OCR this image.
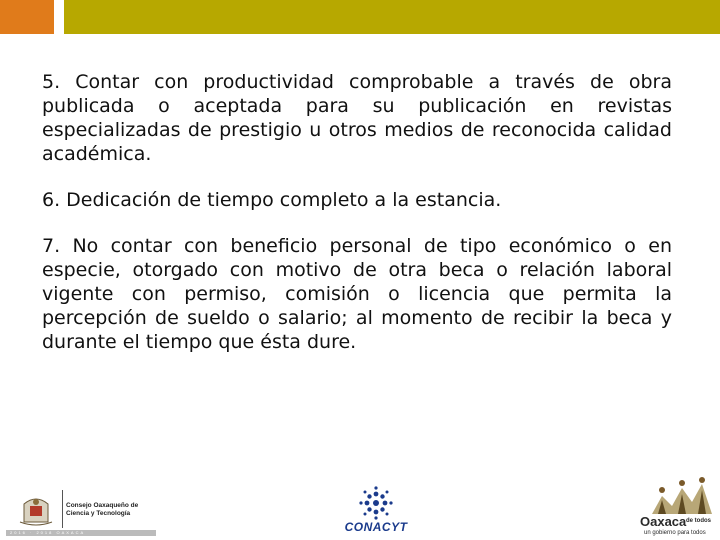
5. Contar con productividad comprobable a través de obra publicada o aceptada para su publicación en revistas especializadas de prestigio u otros medios de reconocida calidad académica.

6. Dedicación de tiempo completo a la estancia.

7. No contar con beneficio personal de tipo económico o en especie, otorgado con motivo de otra beca o relación laboral vigente con permiso, comisión o licencia que permita la percepción de sueldo o salario; al momento de recibir la beca y durante el tiempo que ésta dure.

Consejo Oaxaqueño de
Ciencia y Tecnología
2016 · 2018 OAXACA	CONACYT	Oaxaca de todos
un gobierno para todos
